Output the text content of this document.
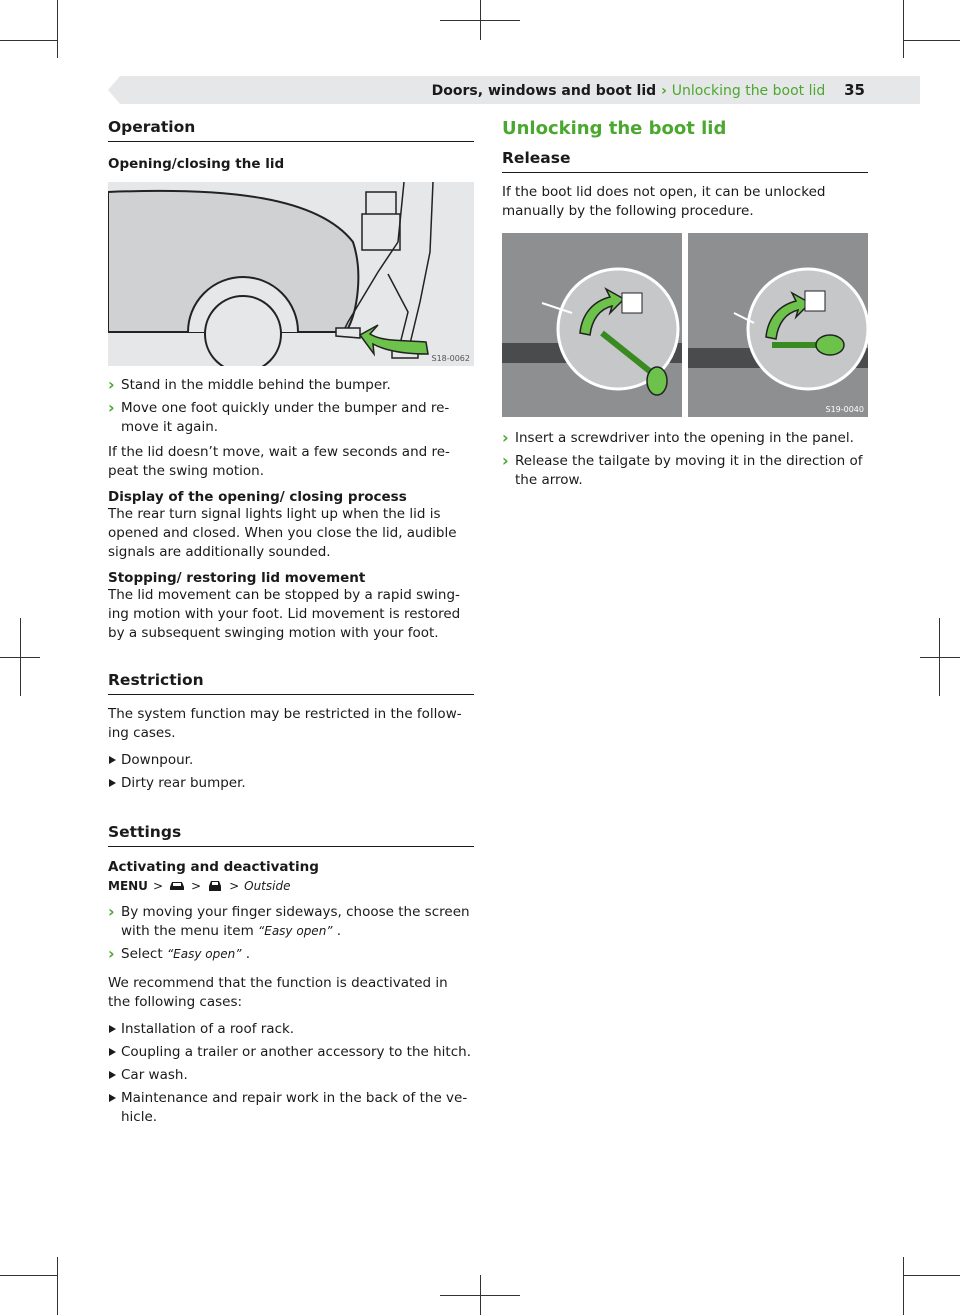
Doors, windows and boot lid › Unlocking the boot lid 35
Operation
Opening/closing the lid
S18-0062
› Stand in the middle behind the bumper.
› Move one foot quickly under the bumper and re-move it again.

If the lid doesn’t move, wait a few seconds and re-peat the swing motion.

Display of the opening/ closing process

The rear turn signal lights light up when the lid is opened and closed. When you close the lid, audible signals are additionally sounded.

Stopping/ restoring lid movement

The lid movement can be stopped by a rapid swing-ing motion with your foot. Lid movement is restored by a subsequent swinging motion with your foot.

Restriction

The system function may be restricted in the follow-ing cases.

Downpour.
Dirty rear bumper.
Settings
Activating and deactivating
MENU > > > Outside
› By moving your finger sideways, choose the screen with the menu item “Easy open” .
› Select “Easy open” .

We recommend that the function is deactivated in the following cases:

Installation of a roof rack.
Coupling a trailer or another accessory to the hitch.
Car wash.
Maintenance and repair work in the back of the ve-hicle.
Unlocking the boot lid
Release

If the boot lid does not open, it can be unlocked manually by the following procedure.

S19-0040
› Insert a screwdriver into the opening in the panel.
› Release the tailgate by moving it in the direction of the arrow.
